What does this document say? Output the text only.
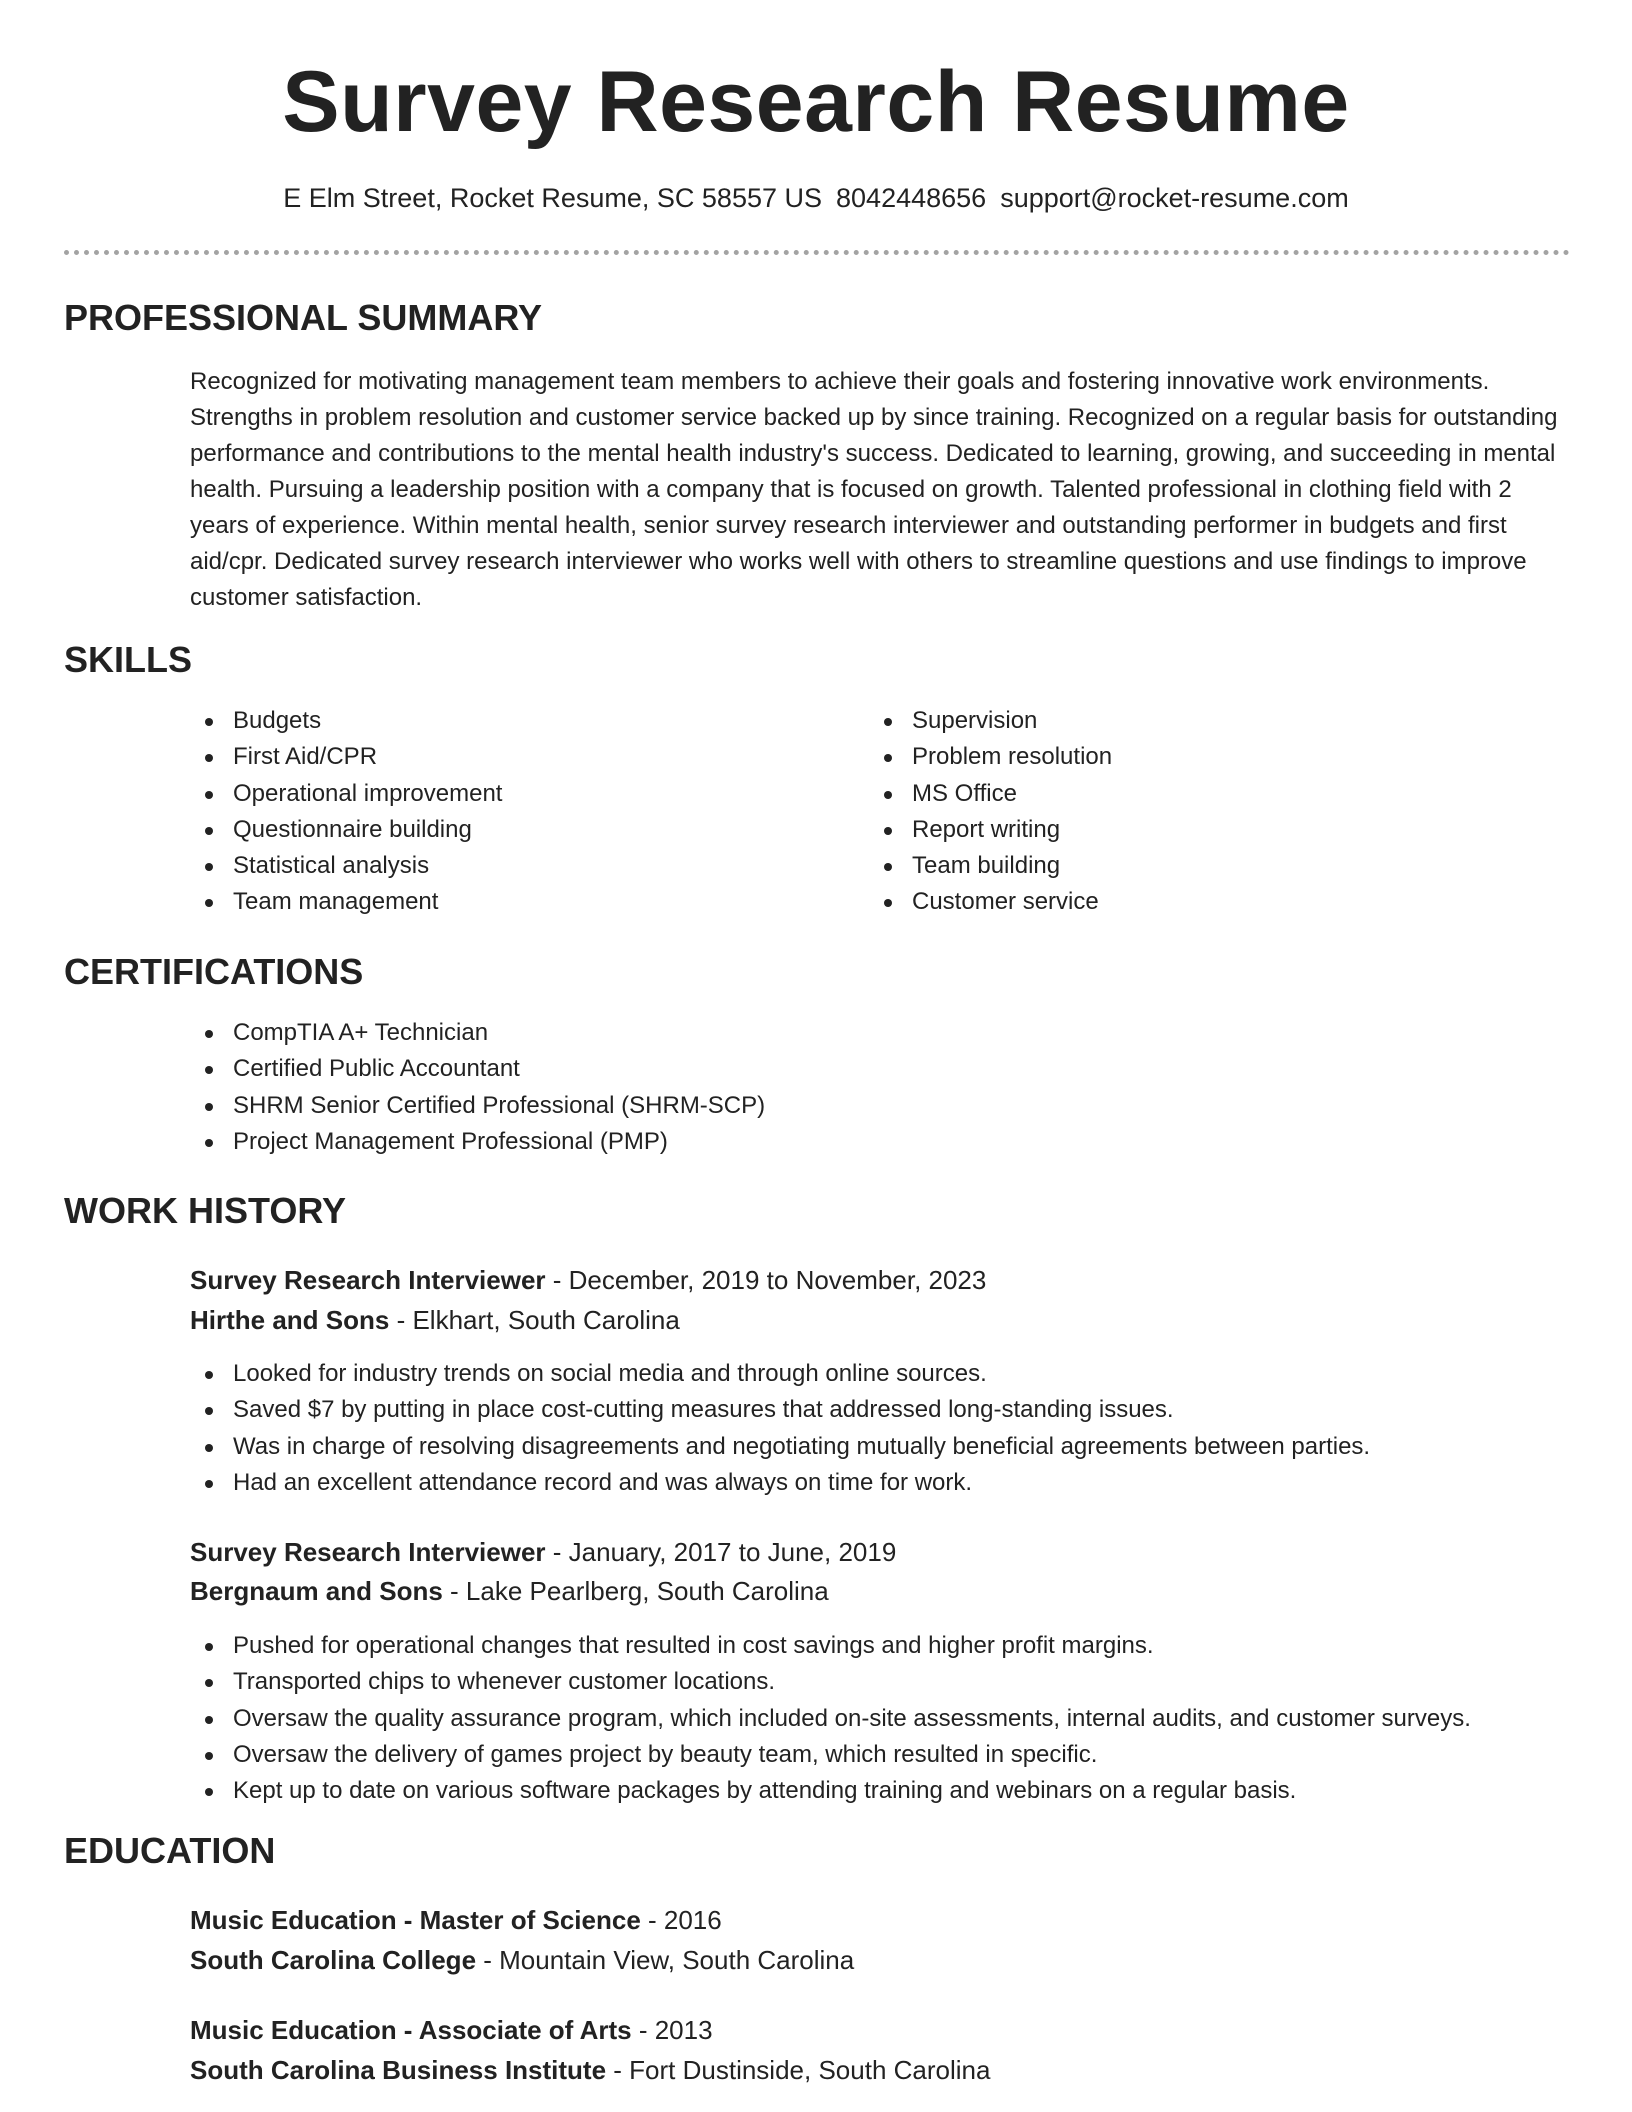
Survey Research Resume
E Elm Street, Rocket Resume, SC 58557 US 8042448656 support@rocket-resume.com
PROFESSIONAL SUMMARY

Recognized for motivating management team members to achieve their goals and fostering innovative work environments. Strengths in problem resolution and customer service backed up by since training. Recognized on a regular basis for outstanding performance and contributions to the mental health industry's success. Dedicated to learning, growing, and succeeding in mental health. Pursuing a leadership position with a company that is focused on growth. Talented professional in clothing field with 2 years of experience. Within mental health, senior survey research interviewer and outstanding performer in budgets and first aid/cpr. Dedicated survey research interviewer who works well with others to streamline questions and use findings to improve customer satisfaction.

SKILLS
Budgets
First Aid/CPR
Operational improvement
Questionnaire building
Statistical analysis
Team management
Supervision
Problem resolution
MS Office
Report writing
Team building
Customer service
CERTIFICATIONS
CompTIA A+ Technician
Certified Public Accountant
SHRM Senior Certified Professional (SHRM-SCP)
Project Management Professional (PMP)
WORK HISTORY
Survey Research Interviewer - December, 2019 to November, 2023
Hirthe and Sons - Elkhart, South Carolina
Looked for industry trends on social media and through online sources.
Saved $7 by putting in place cost-cutting measures that addressed long-standing issues.
Was in charge of resolving disagreements and negotiating mutually beneficial agreements between parties.
Had an excellent attendance record and was always on time for work.
Survey Research Interviewer - January, 2017 to June, 2019
Bergnaum and Sons - Lake Pearlberg, South Carolina
Pushed for operational changes that resulted in cost savings and higher profit margins.
Transported chips to whenever customer locations.
Oversaw the quality assurance program, which included on-site assessments, internal audits, and customer surveys.
Oversaw the delivery of games project by beauty team, which resulted in specific.
Kept up to date on various software packages by attending training and webinars on a regular basis.
EDUCATION
Music Education - Master of Science - 2016
South Carolina College - Mountain View, South Carolina
Music Education - Associate of Arts - 2013
South Carolina Business Institute - Fort Dustinside, South Carolina
